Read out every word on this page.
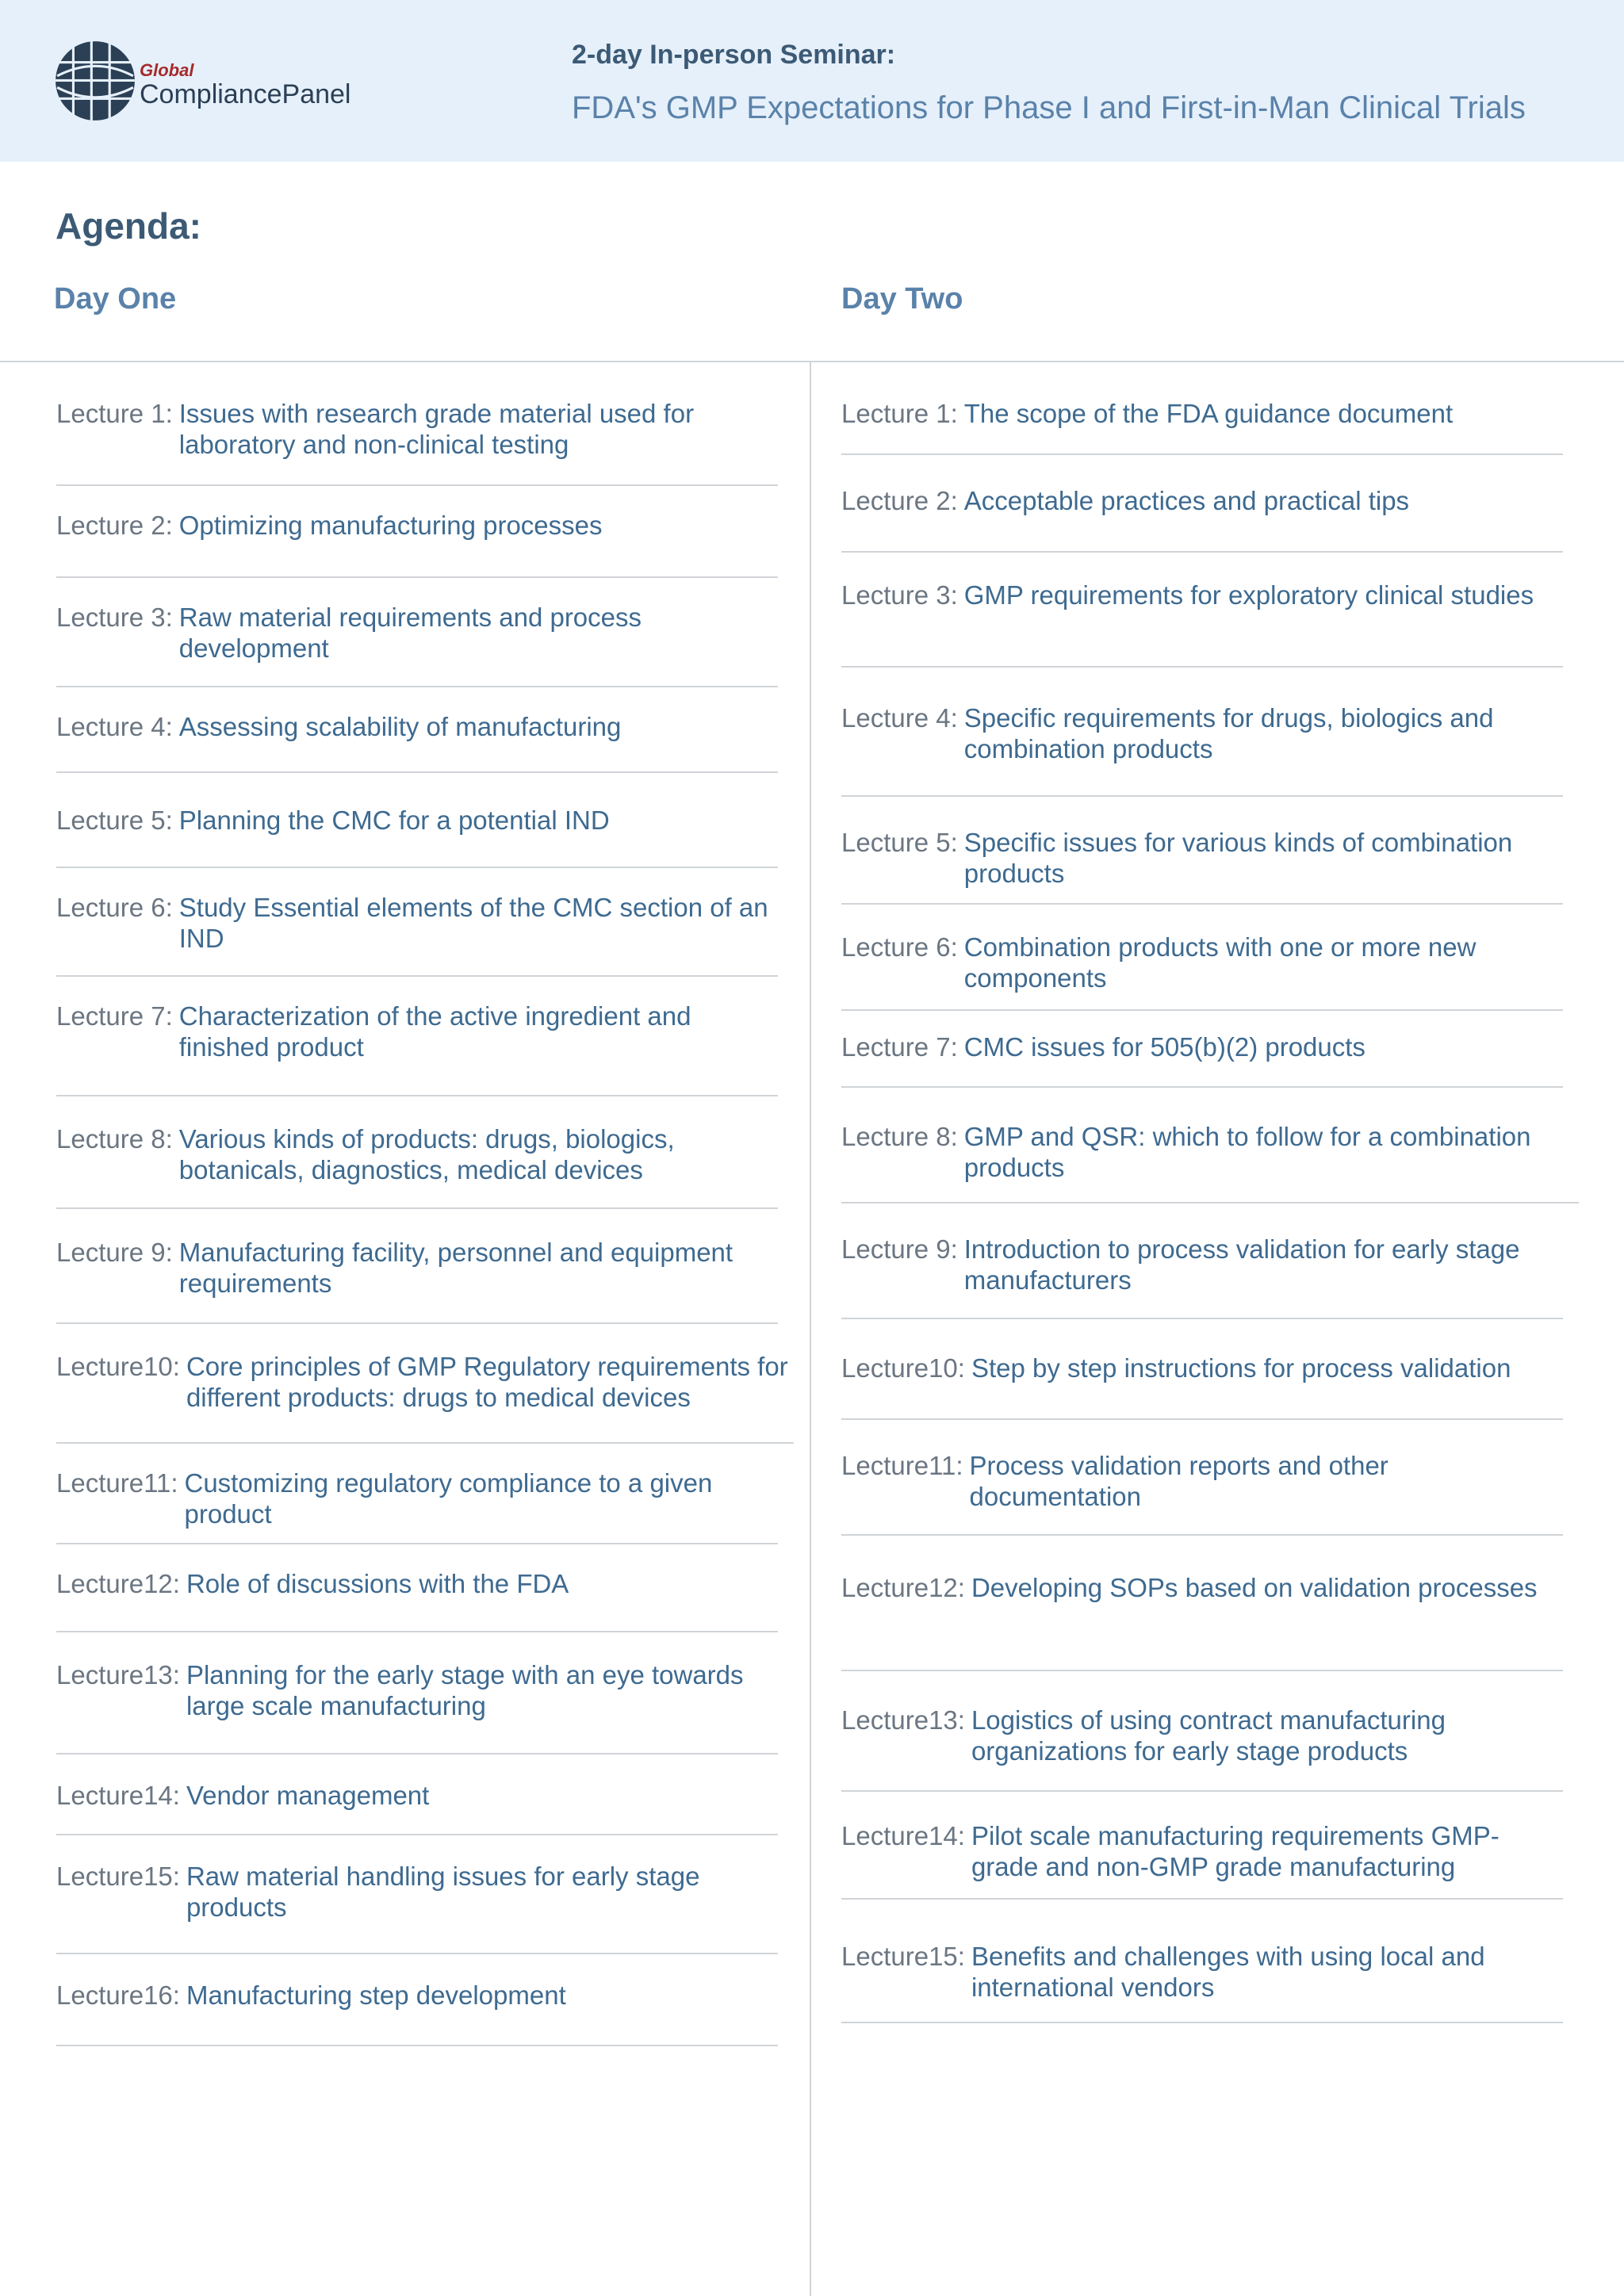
Global
CompliancePanel
2-day In-person Seminar:
FDA's GMP Expectations for Phase I and First-in-Man Clinical Trials
Agenda:
Day One	Day Two
Lecture 1: Issues with research grade material used for laboratory and non-clinical testing
Lecture 2: Optimizing manufacturing processes
Lecture 3: Raw material requirements and process development
Lecture 4: Assessing scalability of manufacturing
Lecture 5: Planning the CMC for a potential IND
Lecture 6: Study Essential elements of the CMC section of an IND
Lecture 7: Characterization of the active ingredient and finished product
Lecture 8: Various kinds of products: drugs, biologics, botanicals, diagnostics, medical devices
Lecture 9: Manufacturing facility, personnel and equipment requirements
Lecture10: Core principles of GMP Regulatory requirements for different products: drugs to medical devices
Lecture11: Customizing regulatory compliance to a given product
Lecture12: Role of discussions with the FDA
Lecture13: Planning for the early stage with an eye towards large scale manufacturing
Lecture14: Vendor management
Lecture15: Raw material handling issues for early stage products
Lecture16: Manufacturing step development
Lecture 1: The scope of the FDA guidance document
Lecture 2: Acceptable practices and practical tips
Lecture 3: GMP requirements for exploratory clinical studies
Lecture 4: Specific requirements for drugs, biologics and combination products
Lecture 5: Specific issues for various kinds of combination products
Lecture 6: Combination products with one or more new components
Lecture 7: CMC issues for 505(b)(2) products
Lecture 8: GMP and QSR: which to follow for a combination products
Lecture 9: Introduction to process validation for early stage manufacturers
Lecture10: Step by step instructions for process validation
Lecture11: Process validation reports and other documentation
Lecture12: Developing SOPs based on validation processes
Lecture13: Logistics of using contract manufacturing organizations for early stage products
Lecture14: Pilot scale manufacturing requirements GMP-grade and non-GMP grade manufacturing
Lecture15: Benefits and challenges with using local and international vendors
